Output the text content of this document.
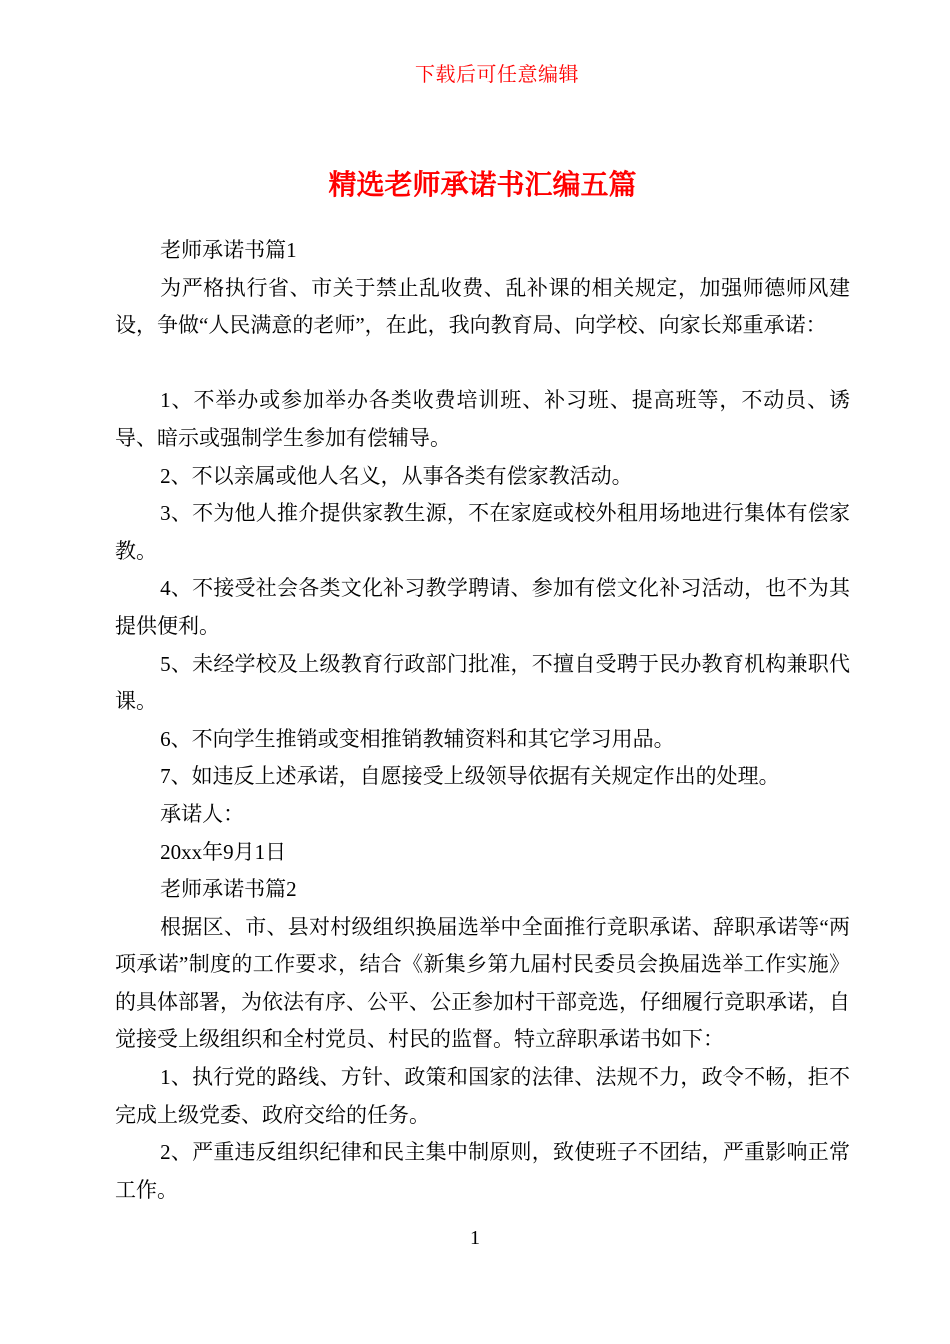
下载后可任意编辑
精选老师承诺书汇编五篇

老师承诺书篇1

为严格执行省、市关于禁止乱收费、乱补课的相关规定，加强师德师风建设，争做“人民满意的老师”，在此，我向教育局、向学校、向家长郑重承诺：

1、不举办或参加举办各类收费培训班、补习班、提高班等，不动员、诱导、暗示或强制学生参加有偿辅导。

2、不以亲属或他人名义，从事各类有偿家教活动。

3、不为他人推介提供家教生源，不在家庭或校外租用场地进行集体有偿家教。

4、不接受社会各类文化补习教学聘请、参加有偿文化补习活动，也不为其提供便利。

5、未经学校及上级教育行政部门批准，不擅自受聘于民办教育机构兼职代课。

6、不向学生推销或变相推销教辅资料和其它学习用品。

7、如违反上述承诺，自愿接受上级领导依据有关规定作出的处理。

承诺人：

20xx年9月1日

老师承诺书篇2

根据区、市、县对村级组织换届选举中全面推行竞职承诺、辞职承诺等“两项承诺”制度的工作要求，结合《新集乡第九届村民委员会换届选举工作实施》的具体部署，为依法有序、公平、公正参加村干部竞选，仔细履行竞职承诺，自觉接受上级组织和全村党员、村民的监督。特立辞职承诺书如下：

1、执行党的路线、方针、政策和国家的法律、法规不力，政令不畅，拒不完成上级党委、政府交给的任务。

2、严重违反组织纪律和民主集中制原则，致使班子不团结，严重影响正常工作。

1
